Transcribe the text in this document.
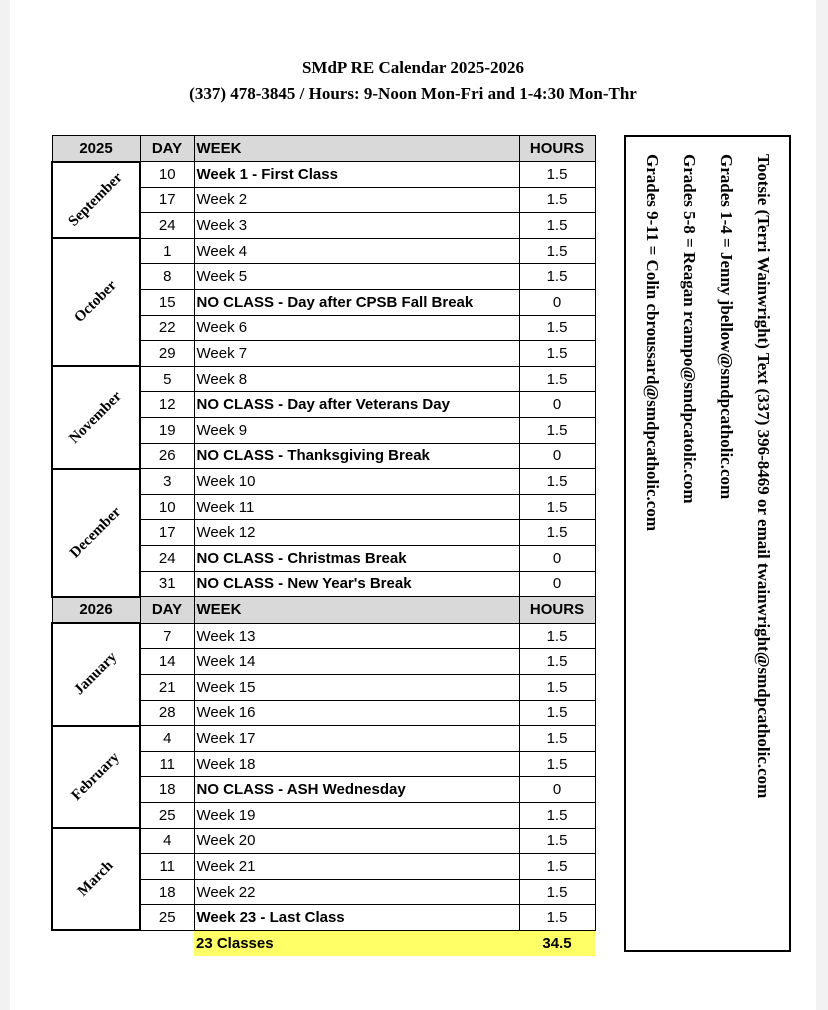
SMdP RE Calendar 2025-2026
(337) 478-3845 / Hours: 9-Noon Mon-Fri and 1-4:30 Mon-Thr
2025	DAY	WEEK	HOURS

September	10	Week 1 - First Class	1.5
	17	Week 2	1.5
	24	Week 3	1.5

October	1	Week 4	1.5
	8	Week 5	1.5
	15	NO CLASS - Day after CPSB Fall Break	0
	22	Week 6	1.5
	29	Week 7	1.5

November	5	Week 8	1.5
	12	NO CLASS - Day after Veterans Day	0
	19	Week 9	1.5
	26	NO CLASS - Thanksgiving Break	0

December	3	Week 10	1.5
	10	Week 11	1.5
	17	Week 12	1.5
	24	NO CLASS - Christmas Break	0
	31	NO CLASS - New Year's Break	0
2026	DAY	WEEK	HOURS

January	7	Week 13	1.5
	14	Week 14	1.5
	21	Week 15	1.5
	28	Week 16	1.5

February	4	Week 17	1.5
	11	Week 18	1.5
	18	NO CLASS - ASH Wednesday	0
	25	Week 19	1.5

March	4	Week 20	1.5
	11	Week 21	1.5
	18	Week 22	1.5
	25	Week 23 - Last Class	1.5
		23 Classes	34.5
Tootsie (Terri Wainwright) Text (337) 396-8469 or email twainwright@smdpcatholic.com
Grades 1-4 = Jenny jbellow@smdpcatholic.com
Grades 5-8 = Reagan rcampo@smdpcatolic.com
Grades 9-11 = Colin cbroussard@smdpcatholic.com
